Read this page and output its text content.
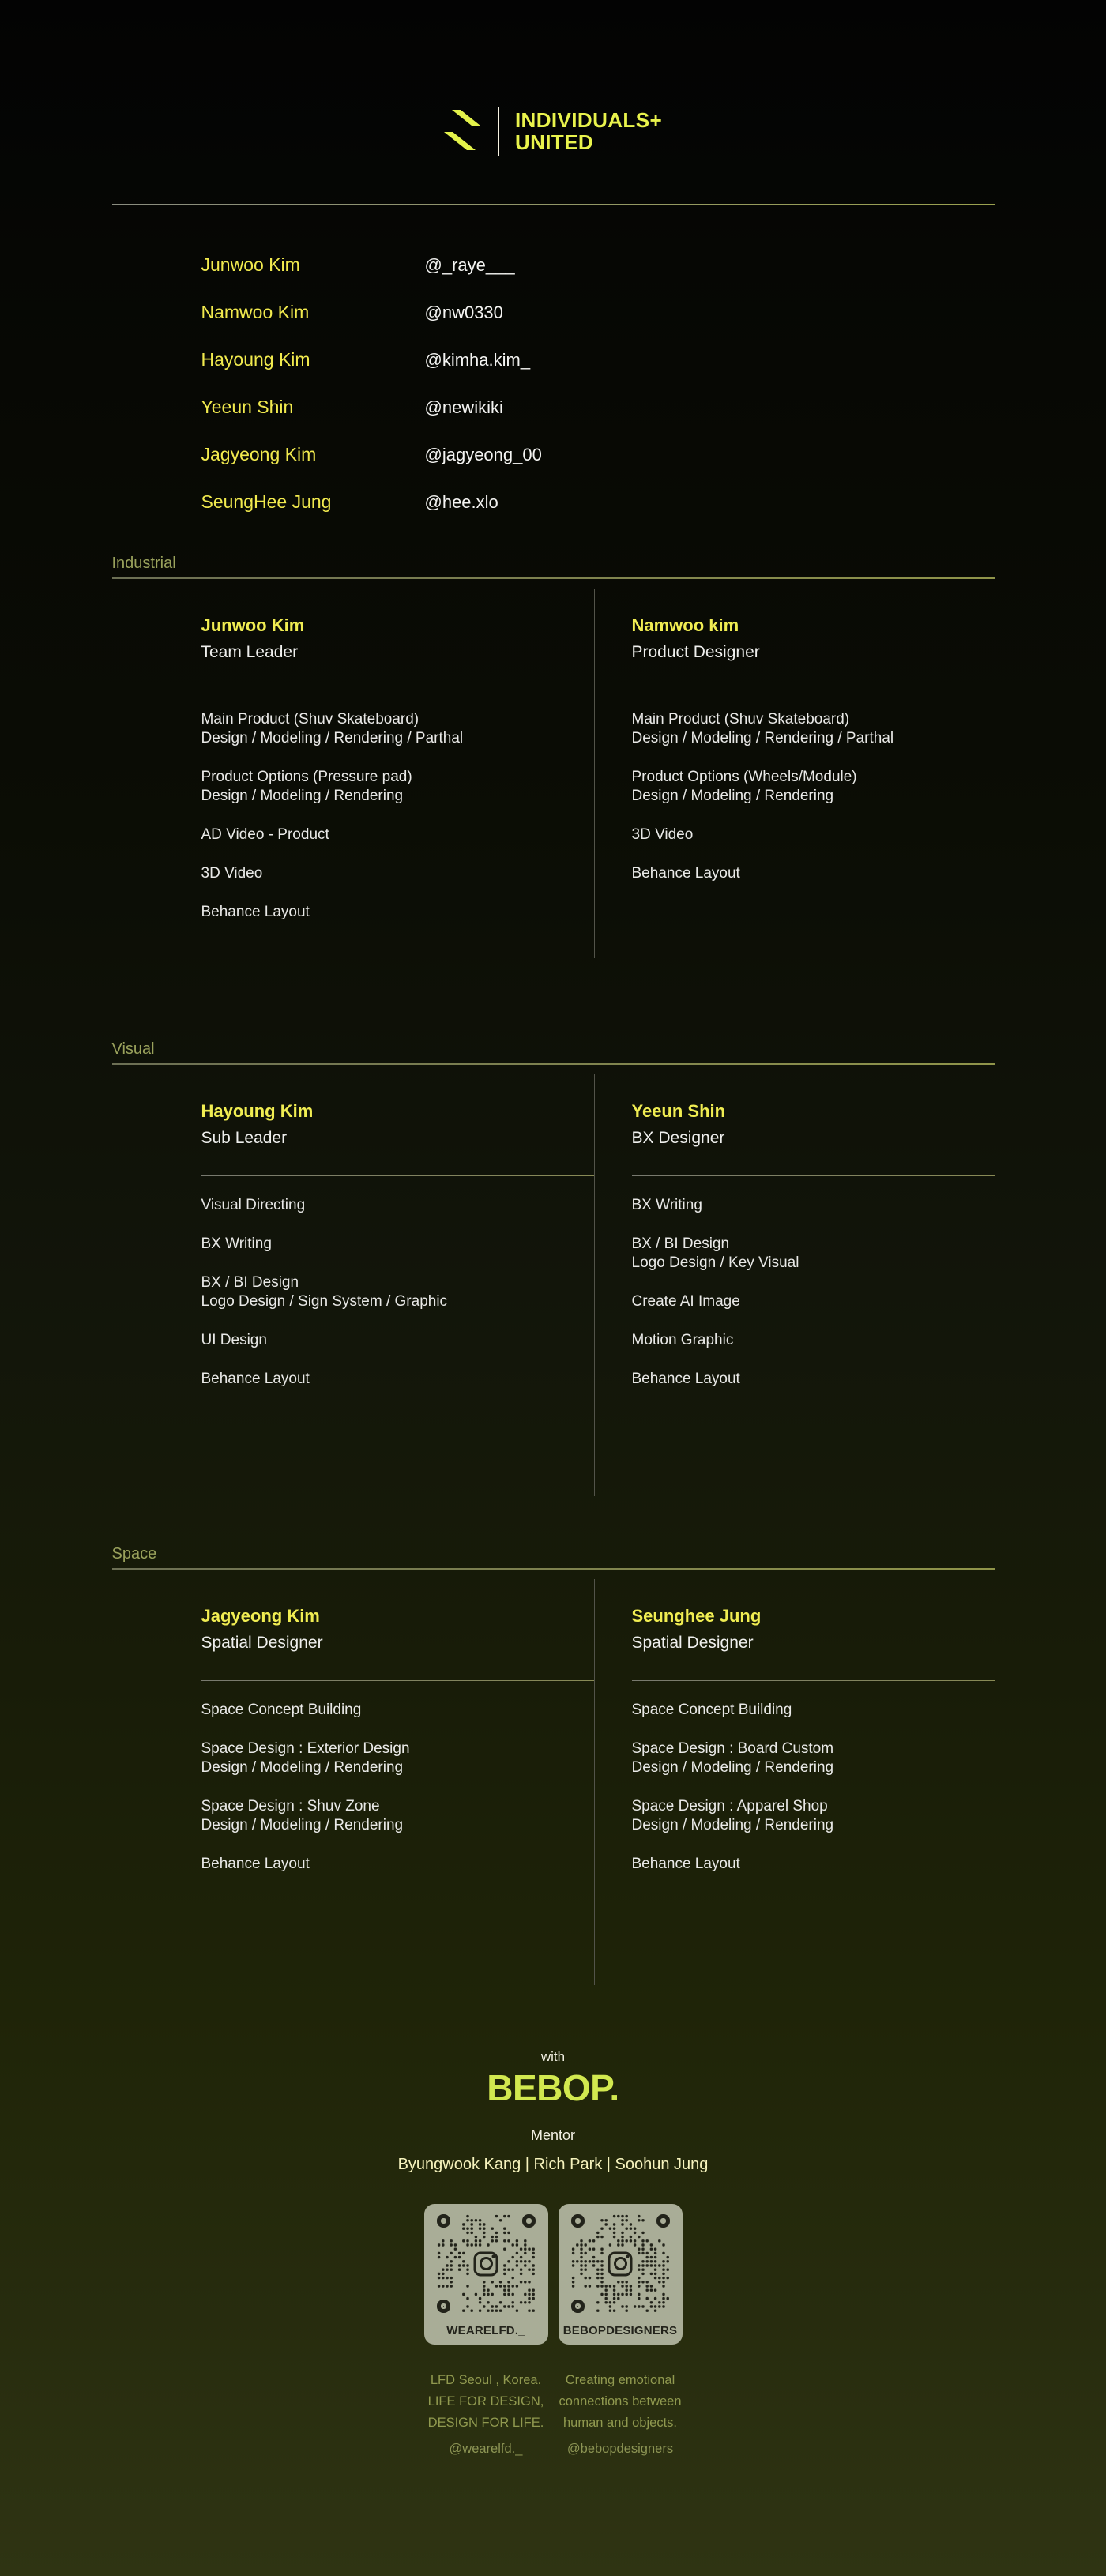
INDIVIDUALS+
UNITED
Junwoo Kim	@_raye___
Namwoo Kim	@nw0330
Hayoung Kim	@kimha.kim_
Yeeun Shin	@newikiki
Jagyeong Kim	@jagyeong_00
SeungHee Jung	@hee.xlo
Industrial
Junwoo Kim
Team Leader
Main Product (Shuv Skateboard)
Design / Modeling / Rendering / Parthal
Product Options (Pressure pad)
Design / Modeling / Rendering
AD Video - Product
3D Video
Behance Layout
Namwoo kim
Product Designer
Main Product (Shuv Skateboard)
Design / Modeling / Rendering / Parthal
Product Options (Wheels/Module)
Design / Modeling / Rendering
3D Video
Behance Layout
Visual
Hayoung Kim
Sub Leader
Visual Directing
BX Writing
BX / BI Design
Logo Design / Sign System / Graphic
UI Design
Behance Layout
Yeeun Shin
BX Designer
BX Writing
BX / BI Design
Logo Design / Key Visual
Create AI Image
Motion Graphic
Behance Layout
Space
Jagyeong Kim
Spatial Designer
Space Concept Building
Space Design : Exterior Design
Design / Modeling / Rendering
Space Design : Shuv Zone
Design / Modeling / Rendering
Behance Layout
Seunghee Jung
Spatial Designer
Space Concept Building
Space Design : Board Custom
Design / Modeling / Rendering
Space Design : Apparel Shop
Design / Modeling / Rendering
Behance Layout
with
BEBOP.
Mentor
Byungwook Kang | Rich Park | Soohun Jung
WEARELFD._	BEBOPDESIGNERS
LFD Seoul , Korea.
LIFE FOR DESIGN,
DESIGN FOR LIFE.
@wearelfd._
Creating emotional
connections between
human and objects.
@bebopdesigners
